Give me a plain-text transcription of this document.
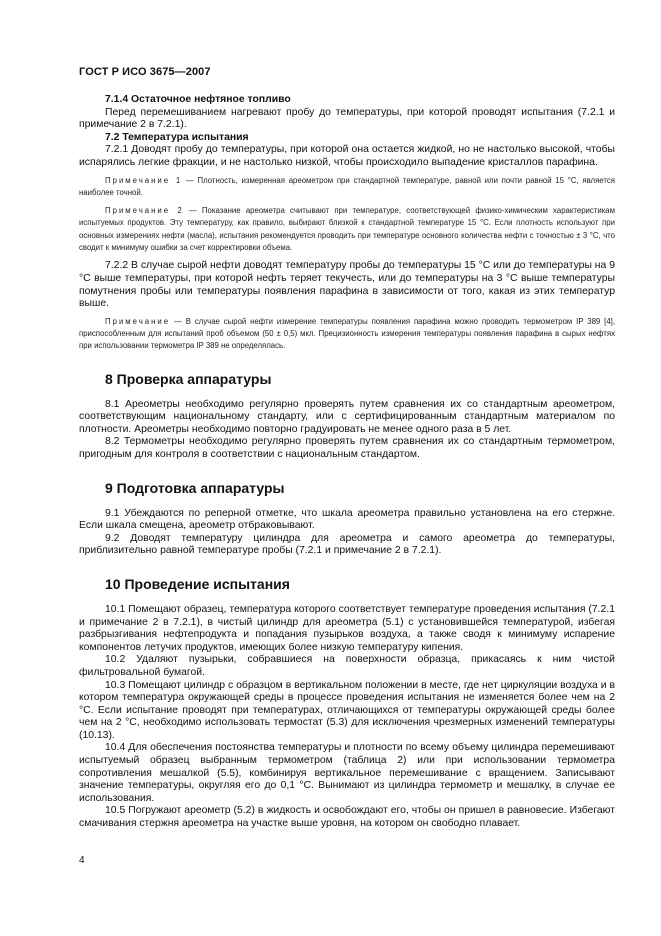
ГОСТ Р ИСО 3675—2007

7.1.4 Остаточное нефтяное топливо

Перед перемешиванием нагревают пробу до температуры, при которой проводят испытания (7.2.1 и примечание 2 в 7.2.1).

7.2 Температура испытания

7.2.1 Доводят пробу до температуры, при которой она остается жидкой, но не настолько высокой, чтобы испарялись легкие фракции, и не настолько низкой, чтобы происходило выпадение кристаллов парафина.

Примечание 1 — Плотность, измеренная ареометром при стандартной температуре, равной или почти равной 15 °С, является наиболее точной.

Примечание 2 — Показание ареометра считывают при температуре, соответствующей физико-химическим характеристикам испытуемых продуктов. Эту температуру, как правило, выбирают близкой к стандартной температуре 15 °С. Если плотность используют при основных измерениях нефти (масла), испытания рекомендуется проводить при температуре основного количества нефти с точностью ± 3 °С, что сводит к минимуму ошибки за счет корректировки объема.

7.2.2 В случае сырой нефти доводят температуру пробы до температуры 15 °С или до температуры на 9 °С выше температуры, при которой нефть теряет текучесть, или до температуры на 3 °С выше температуры помутнения пробы или температуры появления парафина в зависимости от того, какая из этих температур выше.

Примечание — В случае сырой нефти измерение температуры появления парафина можно проводить термометром IP 389 [4], приспособленным для испытаний проб объемом (50 ± 0,5) мкл. Прецизионность измерения температуры появления парафина в сырых нефтях при использовании термометра IP 389 не определялась.

8 Проверка аппаратуры

8.1 Ареометры необходимо регулярно проверять путем сравнения их со стандартным ареометром, соответствующим национальному стандарту, или с сертифицированным стандартным материалом по плотности. Ареометры необходимо повторно градуировать не менее одного раза в 5 лет.

8.2 Термометры необходимо регулярно проверять путем сравнения их со стандартным термометром, пригодным для контроля в соответствии с национальным стандартом.

9 Подготовка аппаратуры

9.1 Убеждаются по реперной отметке, что шкала ареометра правильно установлена на его стержне. Если шкала смещена, ареометр отбраковывают.

9.2 Доводят температуру цилиндра для ареометра и самого ареометра до температуры, приблизительно равной температуре пробы (7.2.1 и примечание 2 в 7.2.1).

10 Проведение испытания

10.1 Помещают образец, температура которого соответствует температуре проведения испытания (7.2.1 и примечание 2 в 7.2.1), в чистый цилиндр для ареометра (5.1) с установившейся температурой, избегая разбрызгивания нефтепродукта и попадания пузырьков воздуха, а также сводя к минимуму испарение компонентов летучих продуктов, имеющих более низкую температуру кипения.

10.2 Удаляют пузырьки, собравшиеся на поверхности образца, прикасаясь к ним чистой фильтровальной бумагой.

10.3 Помещают цилиндр с образцом в вертикальном положении в месте, где нет циркуляции воздуха и в котором температура окружающей среды в процессе проведения испытания не изменяется более чем на 2 °С. Если испытание проводят при температурах, отличающихся от температуры окружающей среды более чем на 2 °С, необходимо использовать термостат (5.3) для исключения чрезмерных изменений температуры (10.13).

10.4 Для обеспечения постоянства температуры и плотности по всему объему цилиндра перемешивают испытуемый образец выбранным термометром (таблица 2) или при использовании термометра сопротивления мешалкой (5.5), комбинируя вертикальное перемешивание с вращением. Записывают значение температуры, округляя его до 0,1 °С. Вынимают из цилиндра термометр и мешалку, в случае ее использования.

10.5 Погружают ареометр (5.2) в жидкость и освобождают его, чтобы он пришел в равновесие. Избегают смачивания стержня ареометра на участке выше уровня, на котором он свободно плавает.

4
